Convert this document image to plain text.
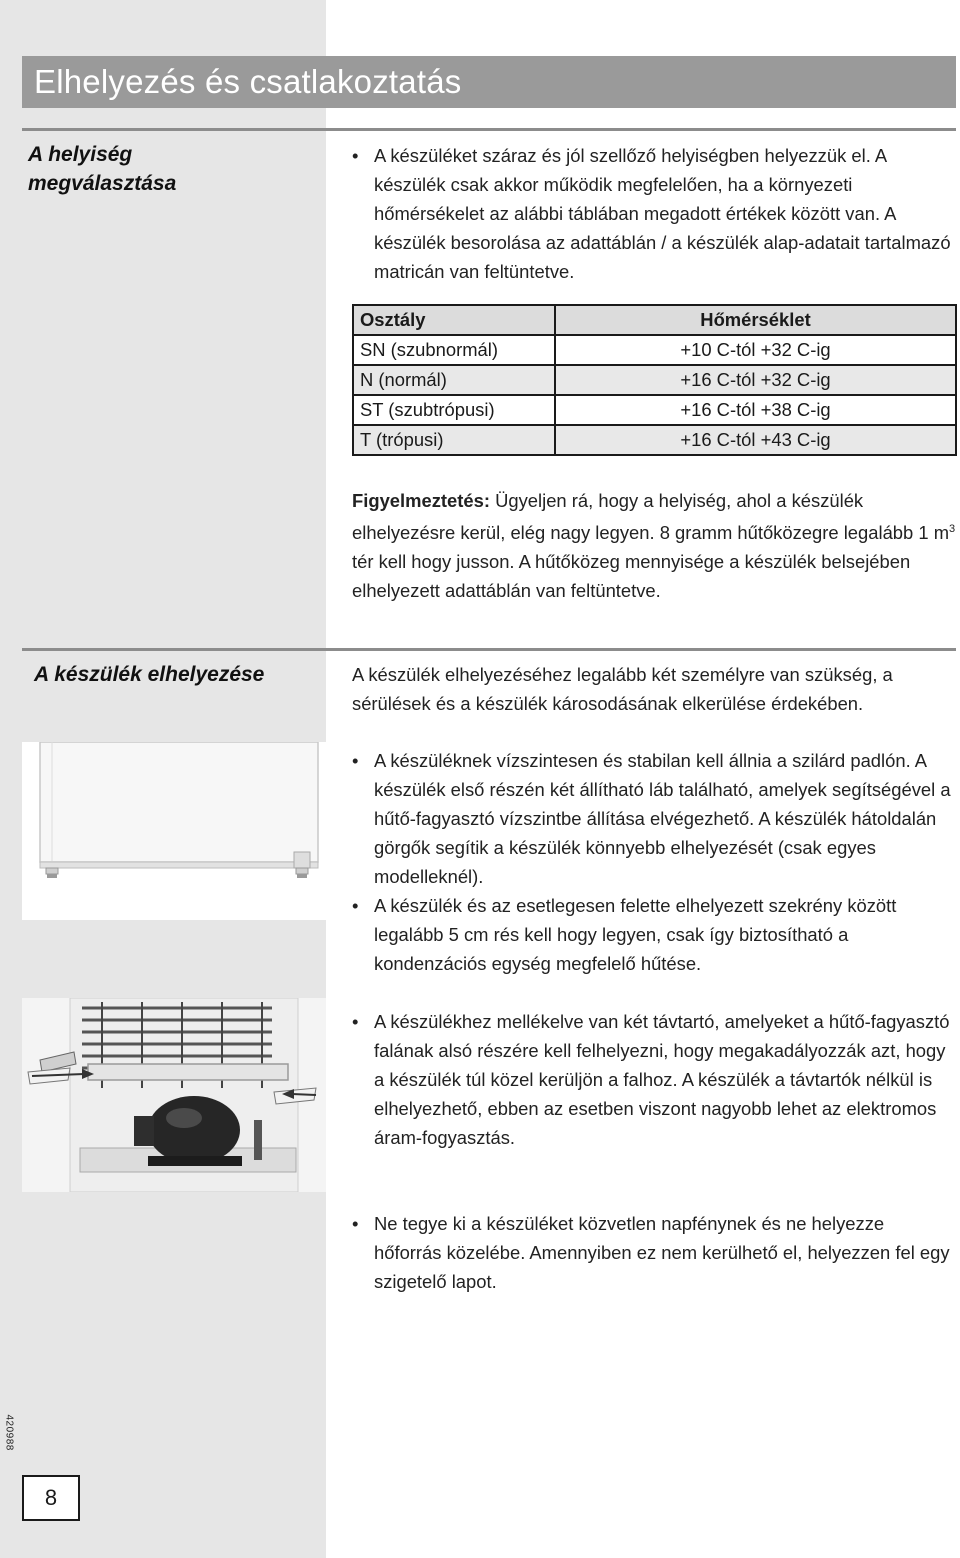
Elhelyezés és csatlakoztatás
A helyiség
megválasztása
• A készüléket száraz és jól szellőző helyiségben helyezzük el. A készülék csak akkor működik megfelelően, ha a környezeti hőmérsékelet az alábbi táblában megadott értékek között van. A készülék besorolása az adattáblán / a készülék alap-adatait tartalmazó matricán van feltüntetve.
Osztály	Hőmérséklet
SN (szubnormál)	+10 C-tól +32 C-ig
N (normál)	+16 C-tól +32 C-ig
ST (szubtrópusi)	+16 C-tól +38 C-ig
T (trópusi)	+16 C-tól +43 C-ig

Figyelmeztetés: Ügyeljen rá, hogy a helyiség, ahol a készülék elhelyezésre kerül, elég nagy legyen. 8 gramm hűtőközegre legalább 1 $m^3$ tér kell hogy jusson. A hűtőközeg mennyisége a készülék belsejében elhelyezett adattáblán van feltüntetve.

A készülék elhelyezése	A készülék elhelyezéséhez legalább két személyre van szükség, a sérülések és a készülék károsodásának elkerülése érdekében.

• A készüléknek vízszintesen és stabilan kell állnia a szilárd padlón. A készülék első részén két állítható láb található, amelyek segítségével a hűtő-fagyasztó vízszintbe állítása elvégezhető. A készülék hátoldalán görgők segítik a készülék könnyebb elhelyezését (csak egyes modelleknél).
• A készülék és az esetlegesen felette elhelyezett szekrény között legalább 5 cm rés kell hogy legyen, csak így biztosítható a kondenzációs egység megfelelő hűtése.
• A készülékhez mellékelve van két távtartó, amelyeket a hűtő-fagyasztó falának alsó részére kell felhelyezni, hogy megakadályozzák azt, hogy a készülék túl közel kerüljön a falhoz. A készülék a távtartók nélkül is elhelyezhető, ebben az esetben viszont nagyobb lehet az elektromos áram-fogyasztás.
• Ne tegye ki a készüléket közvetlen napfénynek és ne helyezze hőforrás közelébe. Amennyiben ez nem kerülhető el, helyezzen fel egy szigetelő lapot.
420988
8
